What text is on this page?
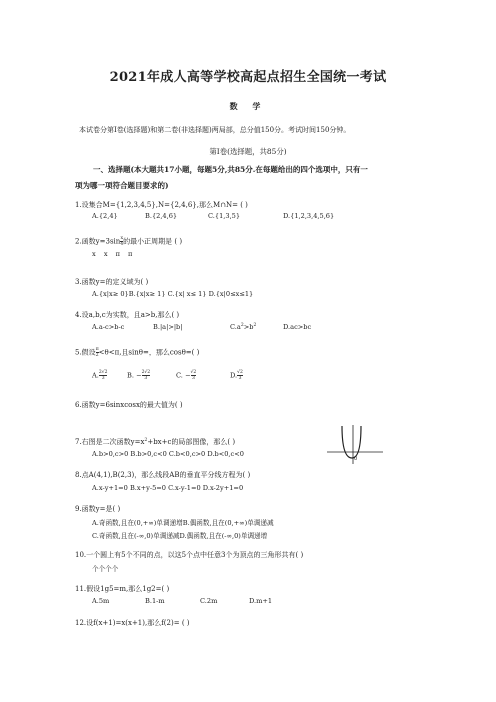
2021年成人高等学校高起点招生全国统一考试
数 学
本试卷分第Ⅰ卷(选择题)和第二卷(非选择题)两局部，总分值150分。考试时间150分钟。
第Ⅰ卷(选择题，共85分)
一、选择题(本大题共17小题，每题5分,共85分.在每题给出的四个选项中，只有一
项为哪一项符合题目要求的)
1.设集合M={1,2,3,4,5},N={2,4,6},那么M∩N= ( )
A.{2,4}	B.{2,4,6}	C.{1,3,5}	D.{1,2,3,4,5,6}
2.函数$y=3\sin \frac{x}{4}$ 的最小正周期是 ( )
x x π π
3.函数y=的定义域为( )
A.{x|x≥ 0}B.{x|x≥ 1} C.{x| x≤ 1} D.{x|0≤x≤1}
4.设a,b,c为实数，且a>b,那么( )
A.a-c>b-c	B.|a|>|b|	$C.a^2>b^2$	D.ac>bc
5.假设 $\frac{\pi}{2} <\theta<\pi$,且sinθ=，那么cosθ=( )
A. $\frac{2√2}{3}$	B. − $\frac{2√2}{3}$	C. − $\frac{√2}{3}$	D. $\frac{√2}{3}$
6.函数y=6sinxcosx的最大值为( )
7.右图是二次函数$y=x^2+bx+c$的局部图像，那么( )
A.b>0,c>0 B.b>0,c<0 C.b<0,c>0 D.b<0,c<0
0
8.点A(4,1),B(2,3)，那么线段AB的垂直平分线方程为( )
A.x-y+1=0 B.x+y-5=0 C.x-y-1=0 D.x-2y+1=0
9.函数y=是( )
A.奇函数,且在(0,+∞)单调递增B.偶函数,且在(0,+∞)单调递减
C.奇函数,且在(-∞,0)单调递减D.偶函数,且在(-∞,0)单调递增
10.一个圆上有5个不同的点，以这5个点中任意3个为顶点的三角形共有( )
个个个个
11.假设1g5=m,那么1g2=( )
A.5m	B.1-m	C.2m	D.m+1
12.设f(x+1)=x(x+1),那么f(2)= ( )
